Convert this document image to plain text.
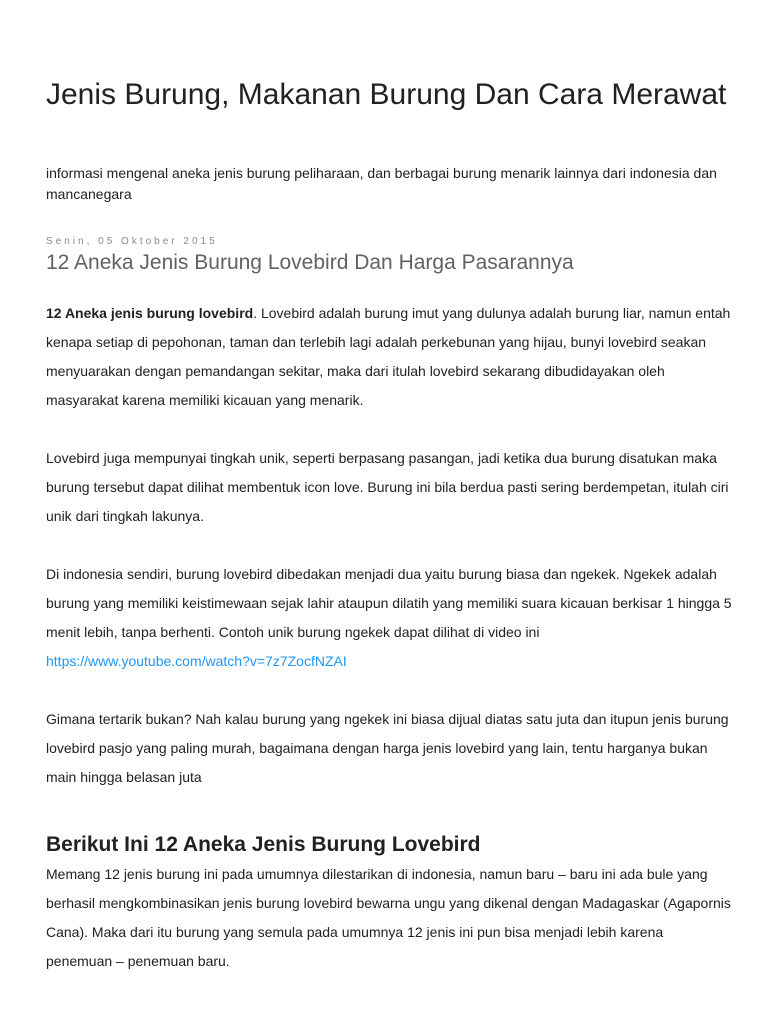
Jenis Burung, Makanan Burung Dan Cara Merawat

informasi mengenal aneka jenis burung peliharaan, dan berbagai burung menarik lainnya dari indonesia dan mancanegara

Senin, 05 Oktober 2015
12 Aneka Jenis Burung Lovebird Dan Harga Pasarannya

12 Aneka jenis burung lovebird. Lovebird adalah burung imut yang dulunya adalah burung liar, namun entah kenapa setiap di pepohonan, taman dan terlebih lagi adalah perkebunan yang hijau, bunyi lovebird seakan menyuarakan dengan pemandangan sekitar, maka dari itulah lovebird sekarang dibudidayakan oleh masyarakat karena memiliki kicauan yang menarik.

Lovebird juga mempunyai tingkah unik, seperti berpasang pasangan, jadi ketika dua burung disatukan maka burung tersebut dapat dilihat membentuk icon love. Burung ini bila berdua pasti sering berdempetan, itulah ciri unik dari tingkah lakunya.

Di indonesia sendiri, burung lovebird dibedakan menjadi dua yaitu burung biasa dan ngekek. Ngekek adalah burung yang memiliki keistimewaan sejak lahir ataupun dilatih yang memiliki suara kicauan berkisar 1 hingga 5 menit lebih, tanpa berhenti. Contoh unik burung ngekek dapat dilihat di video ini
https://www.youtube.com/watch?v=7z7ZocfNZAI

Gimana tertarik bukan? Nah kalau burung yang ngekek ini biasa dijual diatas satu juta dan itupun jenis burung lovebird pasjo yang paling murah, bagaimana dengan harga jenis lovebird yang lain, tentu harganya bukan main hingga belasan juta

Berikut Ini 12 Aneka Jenis Burung Lovebird

Memang 12 jenis burung ini pada umumnya dilestarikan di indonesia, namun baru – baru ini ada bule yang berhasil mengkombinasikan jenis burung lovebird bewarna ungu yang dikenal dengan Madagaskar (Agapornis Cana). Maka dari itu burung yang semula pada umumnya 12 jenis ini pun bisa menjadi lebih karena penemuan – penemuan baru.
